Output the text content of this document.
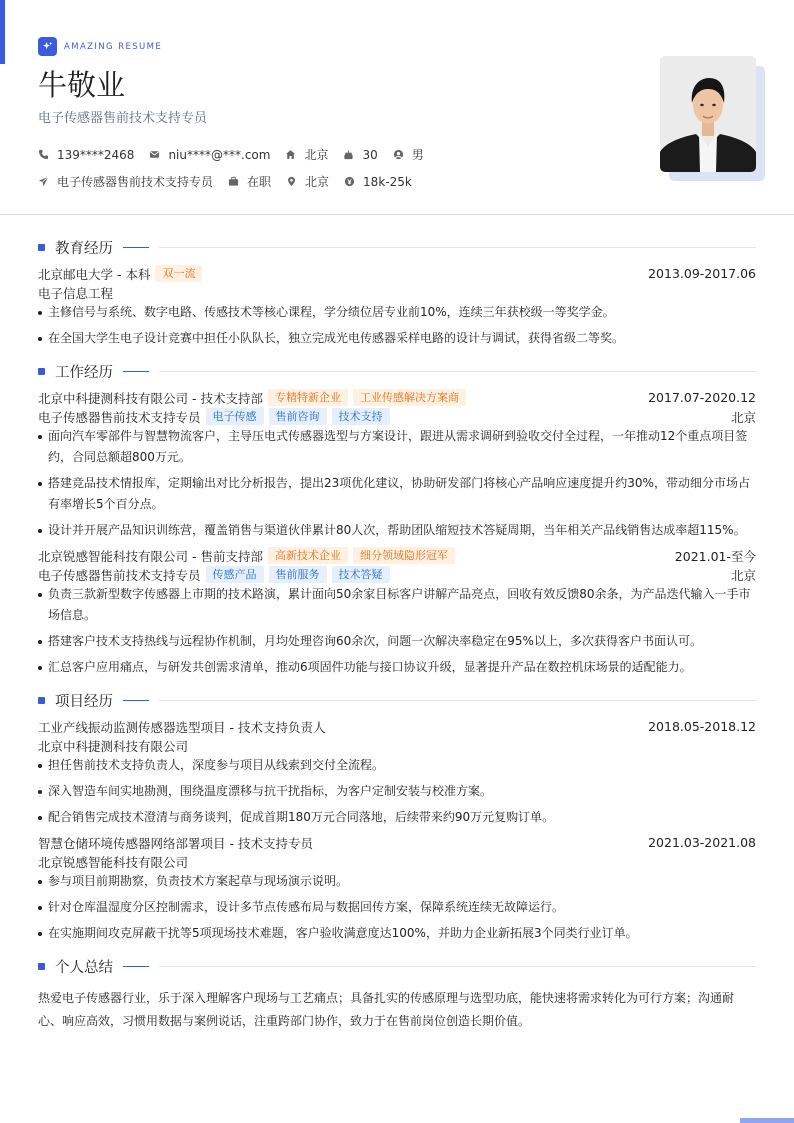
AMAZING RESUME
牛敬业
电子传感器售前技术支持专员
139****2468	niu****@***.com	北京	30	男
电子传感器售前技术支持专员	在职	北京	18k-25k
教育经历
北京邮电大学 - 本科	双一流	2013.09-2017.06
电子信息工程
主修信号与系统、数字电路、传感技术等核心课程，学分绩位居专业前10%，连续三年获校级一等奖学金。
在全国大学生电子设计竞赛中担任小队队长，独立完成光电传感器采样电路的设计与调试，获得省级二等奖。
工作经历
北京中科捷测科技有限公司 - 技术支持部	专精特新企业	工业传感解决方案商	2017.07-2020.12
电子传感器售前技术支持专员	电子传感	售前咨询	技术支持	北京
面向汽车零部件与智慧物流客户，主导压电式传感器选型与方案设计，跟进从需求调研到验收交付全过程，一年推动12个重点项目签约，合同总额超800万元。
搭建竞品技术情报库，定期输出对比分析报告，提出23项优化建议，协助研发部门将核心产品响应速度提升约30%，带动细分市场占有率增长5个百分点。
设计并开展产品知识训练营，覆盖销售与渠道伙伴累计80人次，帮助团队缩短技术答疑周期，当年相关产品线销售达成率超115%。
北京锐感智能科技有限公司 - 售前支持部	高新技术企业	细分领域隐形冠军	2021.01-至今
电子传感器售前技术支持专员	传感产品	售前服务	技术答疑	北京
负责三款新型数字传感器上市期的技术路演，累计面向50余家目标客户讲解产品亮点，回收有效反馈80余条，为产品迭代输入一手市场信息。
搭建客户技术支持热线与远程协作机制，月均处理咨询60余次，问题一次解决率稳定在95%以上，多次获得客户书面认可。
汇总客户应用痛点，与研发共创需求清单，推动6项固件功能与接口协议升级，显著提升产品在数控机床场景的适配能力。
项目经历
工业产线振动监测传感器选型项目 - 技术支持负责人	2018.05-2018.12
北京中科捷测科技有限公司
担任售前技术支持负责人，深度参与项目从线索到交付全流程。
深入智造车间实地勘测，围绕温度漂移与抗干扰指标，为客户定制安装与校准方案。
配合销售完成技术澄清与商务谈判，促成首期180万元合同落地，后续带来约90万元复购订单。
智慧仓储环境传感器网络部署项目 - 技术支持专员	2021.03-2021.08
北京锐感智能科技有限公司
参与项目前期勘察，负责技术方案起草与现场演示说明。
针对仓库温湿度分区控制需求，设计多节点传感布局与数据回传方案，保障系统连续无故障运行。
在实施期间攻克屏蔽干扰等5项现场技术难题，客户验收满意度达100%，并助力企业新拓展3个同类行业订单。
个人总结
热爱电子传感器行业，乐于深入理解客户现场与工艺痛点；具备扎实的传感原理与选型功底，能快速将需求转化为可行方案；沟通耐心、响应高效，习惯用数据与案例说话，注重跨部门协作，致力于在售前岗位创造长期价值。
